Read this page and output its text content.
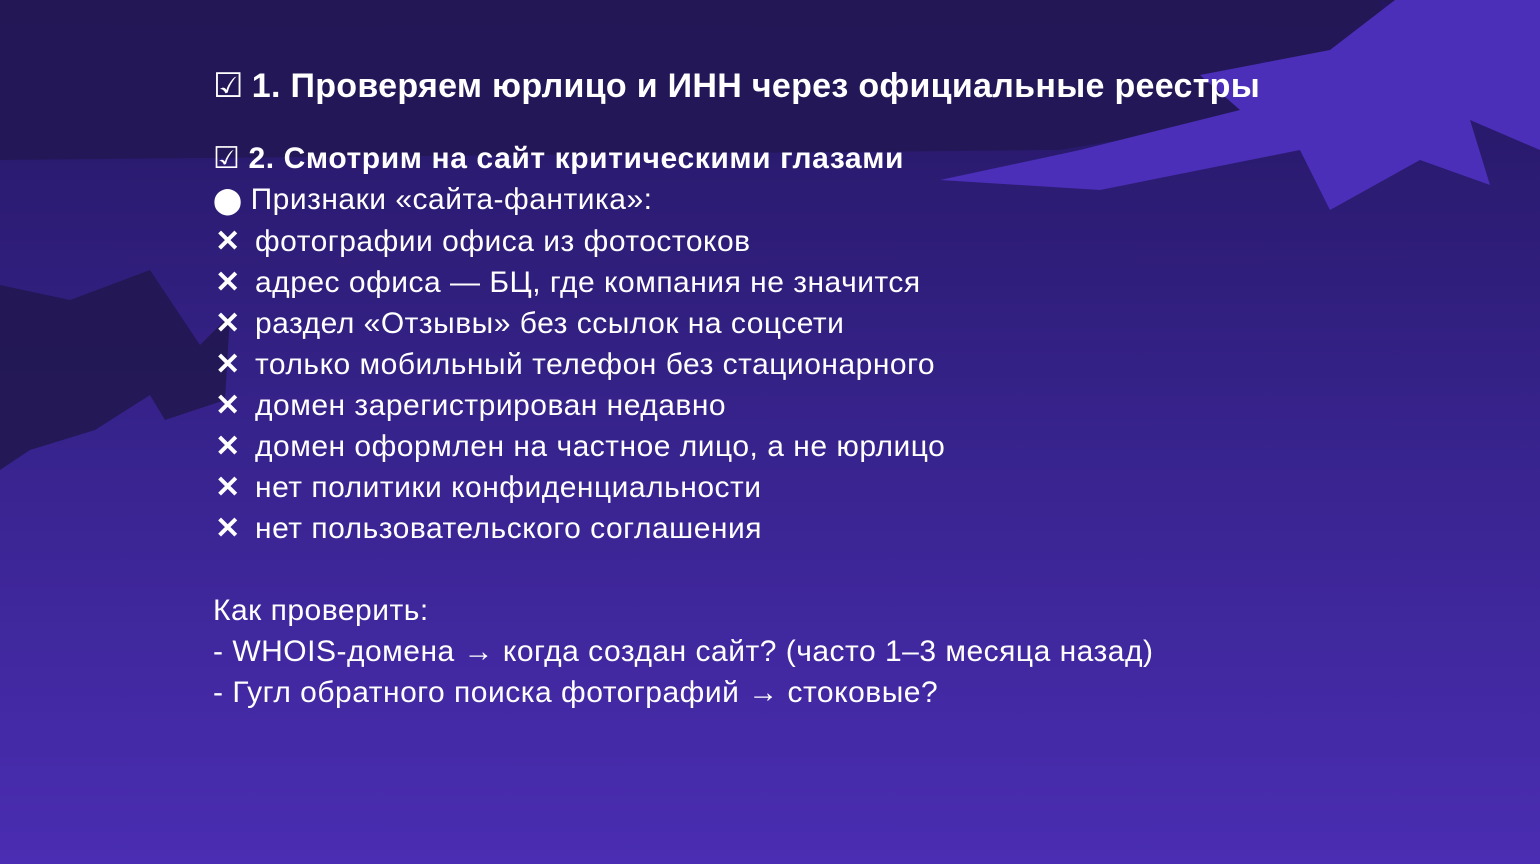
☑ 1. Проверяем юрлицо и ИНН через официальные реестры
☑ 2. Смотрим на сайт критическими глазами
⬤ Признаки «сайта-фантика»:
✕ фотографии офиса из фотостоков
✕ адрес офиса — БЦ, где компания не значится
✕ раздел «Отзывы» без ссылок на соцсети
✕ только мобильный телефон без стационарного
✕ домен зарегистрирован недавно
✕ домен оформлен на частное лицо, а не юрлицо
✕ нет политики конфиденциальности
✕ нет пользовательского соглашения
Как проверить:
- WHOIS-домена → когда создан сайт? (часто 1–3 месяца назад)
- Гугл обратного поиска фотографий → стоковые?
